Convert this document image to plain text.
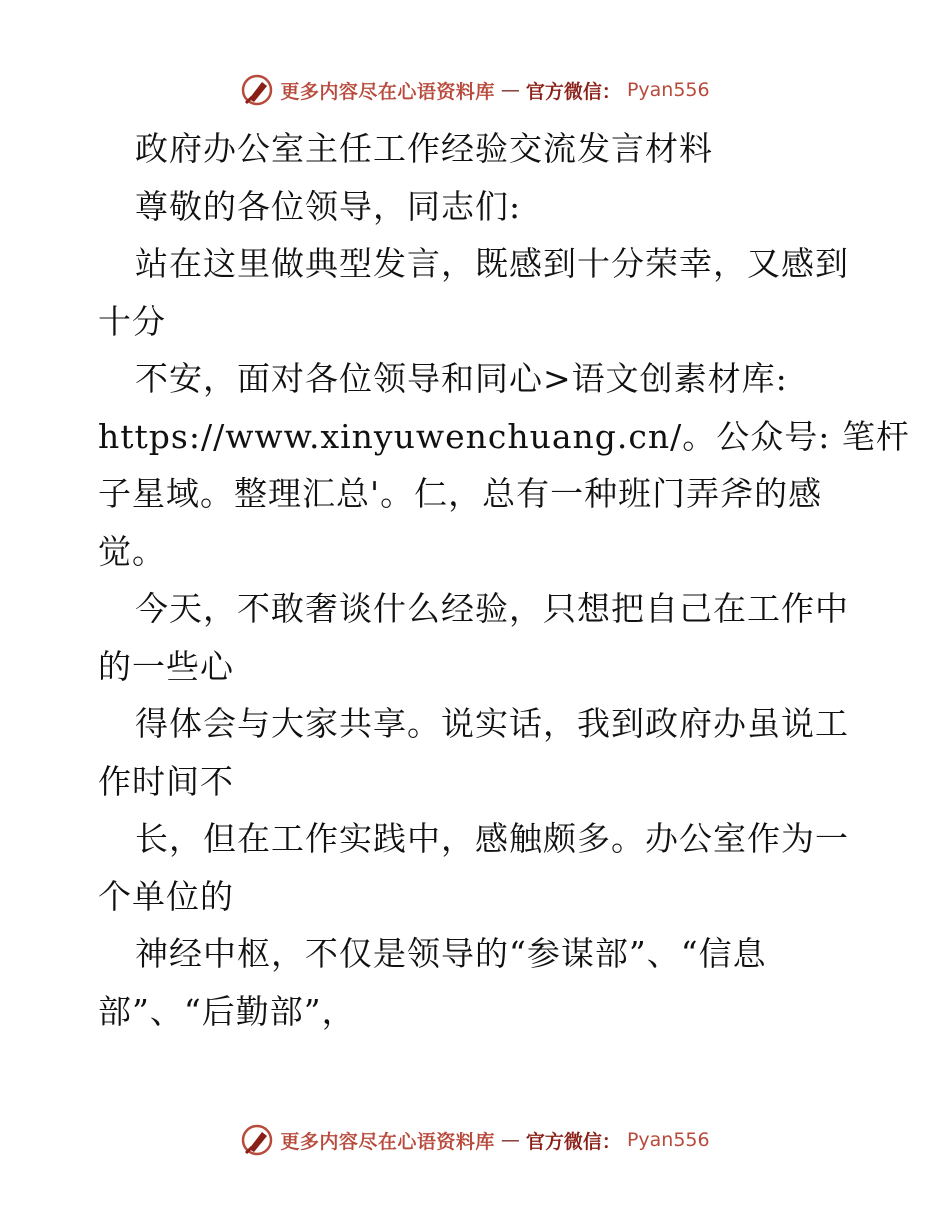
更多内容尽在心语资料库 — 官方微信： Pyan556
政府办公室主任工作经验交流发言材料
尊敬的各位领导，同志们:
站在这里做典型发言，既感到十分荣幸，又感到
十分
不安，面对各位领导和同心>语文创素材库:
https://www.xinyuwenchuang.cn/。公众号: 笔杆
子星域。整理汇总'。仁，总有一种班门弄斧的感
觉。
今天，不敢奢谈什么经验，只想把自己在工作中
的一些心
得体会与大家共享。说实话，我到政府办虽说工
作时间不
长，但在工作实践中，感触颇多。办公室作为一
个单位的
神经中枢，不仅是领导的“参谋部”、“信息
部”、“后勤部”，
更多内容尽在心语资料库 — 官方微信： Pyan556
